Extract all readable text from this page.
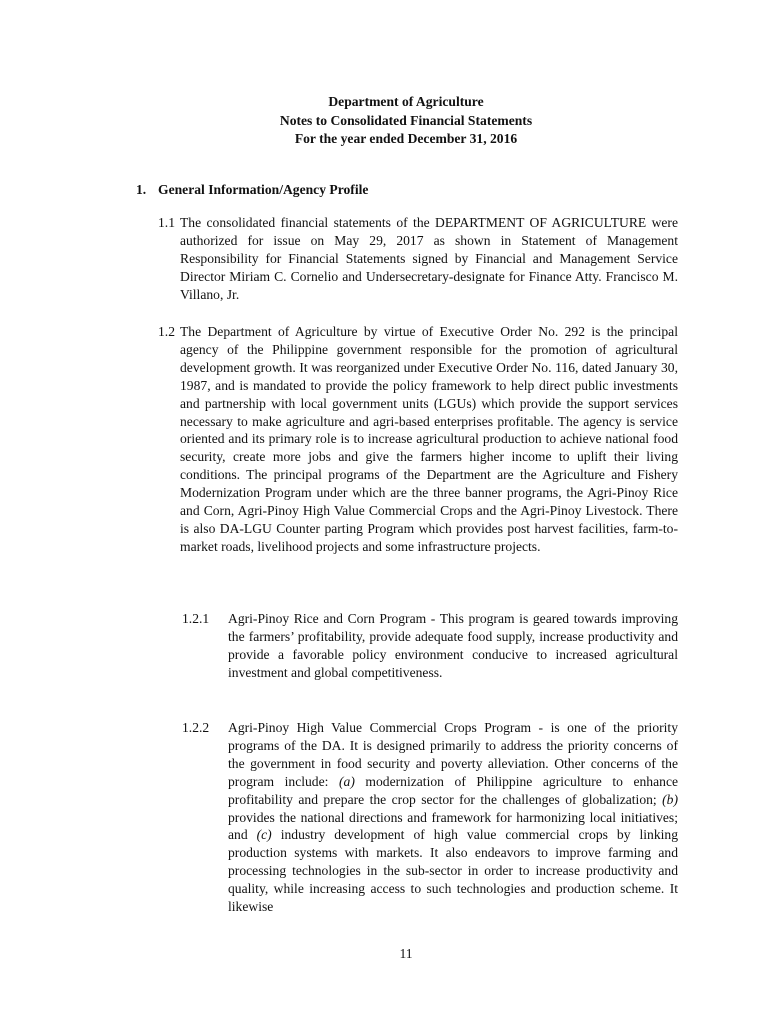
Department of Agriculture
Notes to Consolidated Financial Statements
For the year ended December 31, 2016
1. General Information/Agency Profile
1.1 The consolidated financial statements of the DEPARTMENT OF AGRICULTURE were authorized for issue on May 29, 2017 as shown in Statement of Management Responsibility for Financial Statements signed by Financial and Management Service Director Miriam C. Cornelio and Undersecretary-designate for Finance Atty. Francisco M. Villano, Jr.
1.2 The Department of Agriculture by virtue of Executive Order No. 292 is the principal agency of the Philippine government responsible for the promotion of agricultural development growth. It was reorganized under Executive Order No. 116, dated January 30, 1987, and is mandated to provide the policy framework to help direct public investments and partnership with local government units (LGUs) which provide the support services necessary to make agriculture and agri-based enterprises profitable. The agency is service oriented and its primary role is to increase agricultural production to achieve national food security, create more jobs and give the farmers higher income to uplift their living conditions. The principal programs of the Department are the Agriculture and Fishery Modernization Program under which are the three banner programs, the Agri-Pinoy Rice and Corn, Agri-Pinoy High Value Commercial Crops and the Agri-Pinoy Livestock. There is also DA-LGU Counter parting Program which provides post harvest facilities, farm-to-market roads, livelihood projects and some infrastructure projects.
1.2.1 Agri-Pinoy Rice and Corn Program - This program is geared towards improving the farmers’ profitability, provide adequate food supply, increase productivity and provide a favorable policy environment conducive to increased agricultural investment and global competitiveness.
1.2.2 Agri-Pinoy High Value Commercial Crops Program - is one of the priority programs of the DA. It is designed primarily to address the priority concerns of the government in food security and poverty alleviation. Other concerns of the program include: (a) modernization of Philippine agriculture to enhance profitability and prepare the crop sector for the challenges of globalization; (b) provides the national directions and framework for harmonizing local initiatives; and (c) industry development of high value commercial crops by linking production systems with markets. It also endeavors to improve farming and processing technologies in the sub-sector in order to increase productivity and quality, while increasing access to such technologies and production scheme. It likewise
11
